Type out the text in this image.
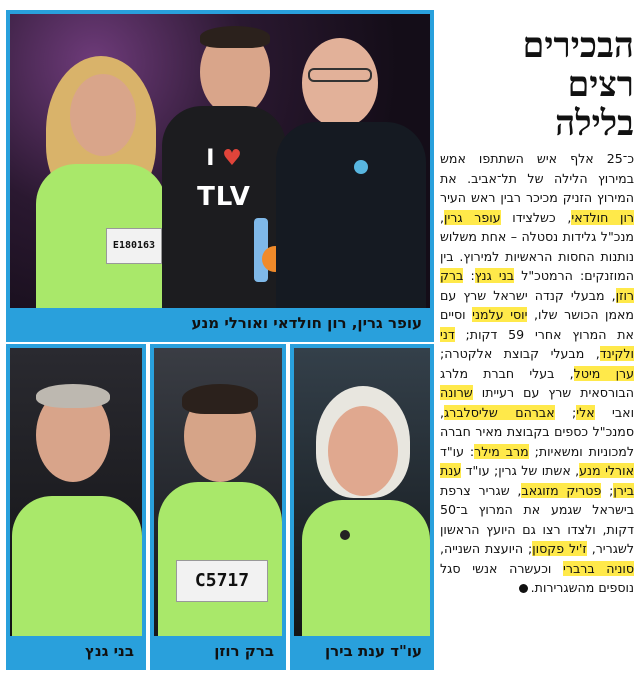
E180163
I ♥
TLV
עופר גרין, רון חולדאי ואורלי מנע
בני גנץ
C5717
ברק רוזן	עו"ד ענת בירן
הבכירים
רצים
בלילה
כ־25 אלף איש השתתפו אמש במירוץ הלילה של תל־אביב. את המירוץ הזניק מכיכר רבין ראש העיר רון חולדאי, כשלצידו עופר גרין, מנכ"ל גלידות נסטלה – אחת משלוש נותנות החסות הראשיות למירוץ. בין המוזנקים: הרמטכ"ל בני גנץ: ברק רוזן, מבעלי קנדה ישראל שרץ עם מאמן הכושר שלו, יוסי עלמני וסיים את המרוץ אחרי 59 דקות; דני ולקינד, מבעלי קבוצת אלקטרה; ערן מיטל, בעלי חברת מלרג הבורסאית שרץ עם רעייתו שרונה ואבי אלי; אברהם שליסלברג, סמנכ"ל כספים בקבוצת מאיר חברה למכוניות ומשאיות; מרב מילר: עו"ד אורלי מנע, אשתו של גרין; עו"ד ענת בירן; פטריק מזוגאב, שגריר צרפת בישראל שגמע את המרוץ ב־50 דקות, ולצדו רצו גם היועץ הראשון לשגריר, ז'יל פקסון; היועצת השנייה, סוניה ברברי וכעשרה אנשי סגל נוספים מהשגרירות.
